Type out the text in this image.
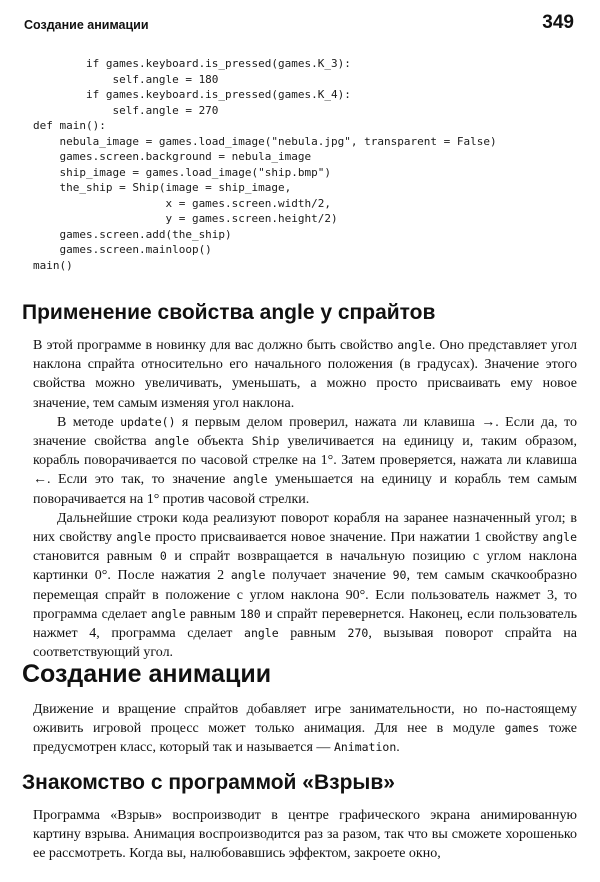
Создание анимации	349
if games.keyboard.is_pressed(games.K_3):
self.angle = 180
if games.keyboard.is_pressed(games.K_4):
self.angle = 270
def main():
nebula_image = games.load_image("nebula.jpg", transparent = False)
games.screen.background = nebula_image
ship_image = games.load_image("ship.bmp")
the_ship = Ship(image = ship_image,
x = games.screen.width/2,
y = games.screen.height/2)
games.screen.add(the_ship)
games.screen.mainloop()
main()
Применение свойства angle у спрайтов

В этой программе в новинку для вас должно быть свойство angle. Оно представляет угол наклона спрайта относительно его начального положения (в градусах). Значение этого свойства можно увеличивать, уменьшать, а можно просто присваивать ему новое значение, тем самым изменяя угол наклона.

В методе update() я первым делом проверил, нажата ли клавиша →. Если да, то значение свойства angle объекта Ship увеличивается на единицу и, таким образом, корабль поворачивается по часовой стрелке на 1°. Затем проверяется, нажата ли клавиша ←. Если это так, то значение angle уменьшается на единицу и корабль тем самым поворачивается на 1° против часовой стрелки.

Дальнейшие строки кода реализуют поворот корабля на заранее назначенный угол; в них свойству angle просто присваивается новое значение. При нажатии 1 свойству angle становится равным 0 и спрайт возвращается в начальную позицию с углом наклона картинки 0°. После нажатия 2 angle получает значение 90, тем самым скачкообразно перемещая спрайт в положение с углом наклона 90°. Если пользователь нажмет 3, то программа сделает angle равным 180 и спрайт перевернется. Наконец, если пользователь нажмет 4, программа сделает angle равным 270, вызывая поворот спрайта на соответствующий угол.

Создание анимации

Движение и вращение спрайтов добавляет игре занимательности, но по-настоящему оживить игровой процесс может только анимация. Для нее в модуле games тоже предусмотрен класс, который так и называется — Animation.

Знакомство с программой «Взрыв»

Программа «Взрыв» воспроизводит в центре графического экрана анимированную картину взрыва. Анимация воспроизводится раз за разом, так что вы сможете хорошенько ее рассмотреть. Когда вы, налюбовавшись эффектом, закроете окно,
